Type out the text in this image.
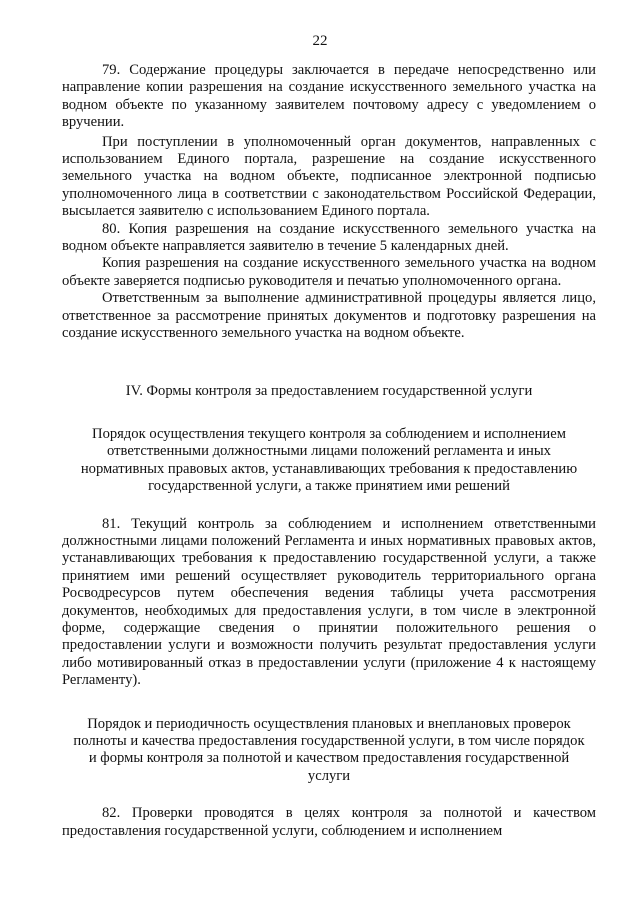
22

79. Содержание процедуры заключается в передаче непосредственно или направление копии разрешения на создание искусственного земельного участка на водном объекте по указанному заявителем почтовому адресу с уведомлением о вручении.

При поступлении в уполномоченный орган документов, направленных с использованием Единого портала, разрешение на создание искусственного земельного участка на водном объекте, подписанное электронной подписью уполномоченного лица в соответствии с законодательством Российской Федерации, высылается заявителю с использованием Единого портала.

80. Копия разрешения на создание искусственного земельного участка на водном объекте направляется заявителю в течение 5 календарных дней.

Копия разрешения на создание искусственного земельного участка на водном объекте заверяется подписью руководителя и печатью уполномоченного органа.

Ответственным за выполнение административной процедуры является лицо, ответственное за рассмотрение принятых документов и подготовку разрешения на создание искусственного земельного участка на водном объекте.

IV. Формы контроля за предоставлением государственной услуги

Порядок осуществления текущего контроля за соблюдением и исполнением ответственными должностными лицами положений регламента и иных нормативных правовых актов, устанавливающих требования к предоставлению государственной услуги, а также принятием ими решений

81. Текущий контроль за соблюдением и исполнением ответственными должностными лицами положений Регламента и иных нормативных правовых актов, устанавливающих требования к предоставлению государственной услуги, а также принятием ими решений осуществляет руководитель территориального органа Росводресурсов путем обеспечения ведения таблицы учета рассмотрения документов, необходимых для предоставления услуги, в том числе в электронной форме, содержащие сведения о принятии положительного решения о предоставлении услуги и возможности получить результат предоставления услуги либо мотивированный отказ в предоставлении услуги (приложение 4 к настоящему Регламенту).

Порядок и периодичность осуществления плановых и внеплановых проверок полноты и качества предоставления государственной услуги, в том числе порядок и формы контроля за полнотой и качеством предоставления государственной услуги

82. Проверки проводятся в целях контроля за полнотой и качеством предоставления государственной услуги, соблюдением и исполнением
